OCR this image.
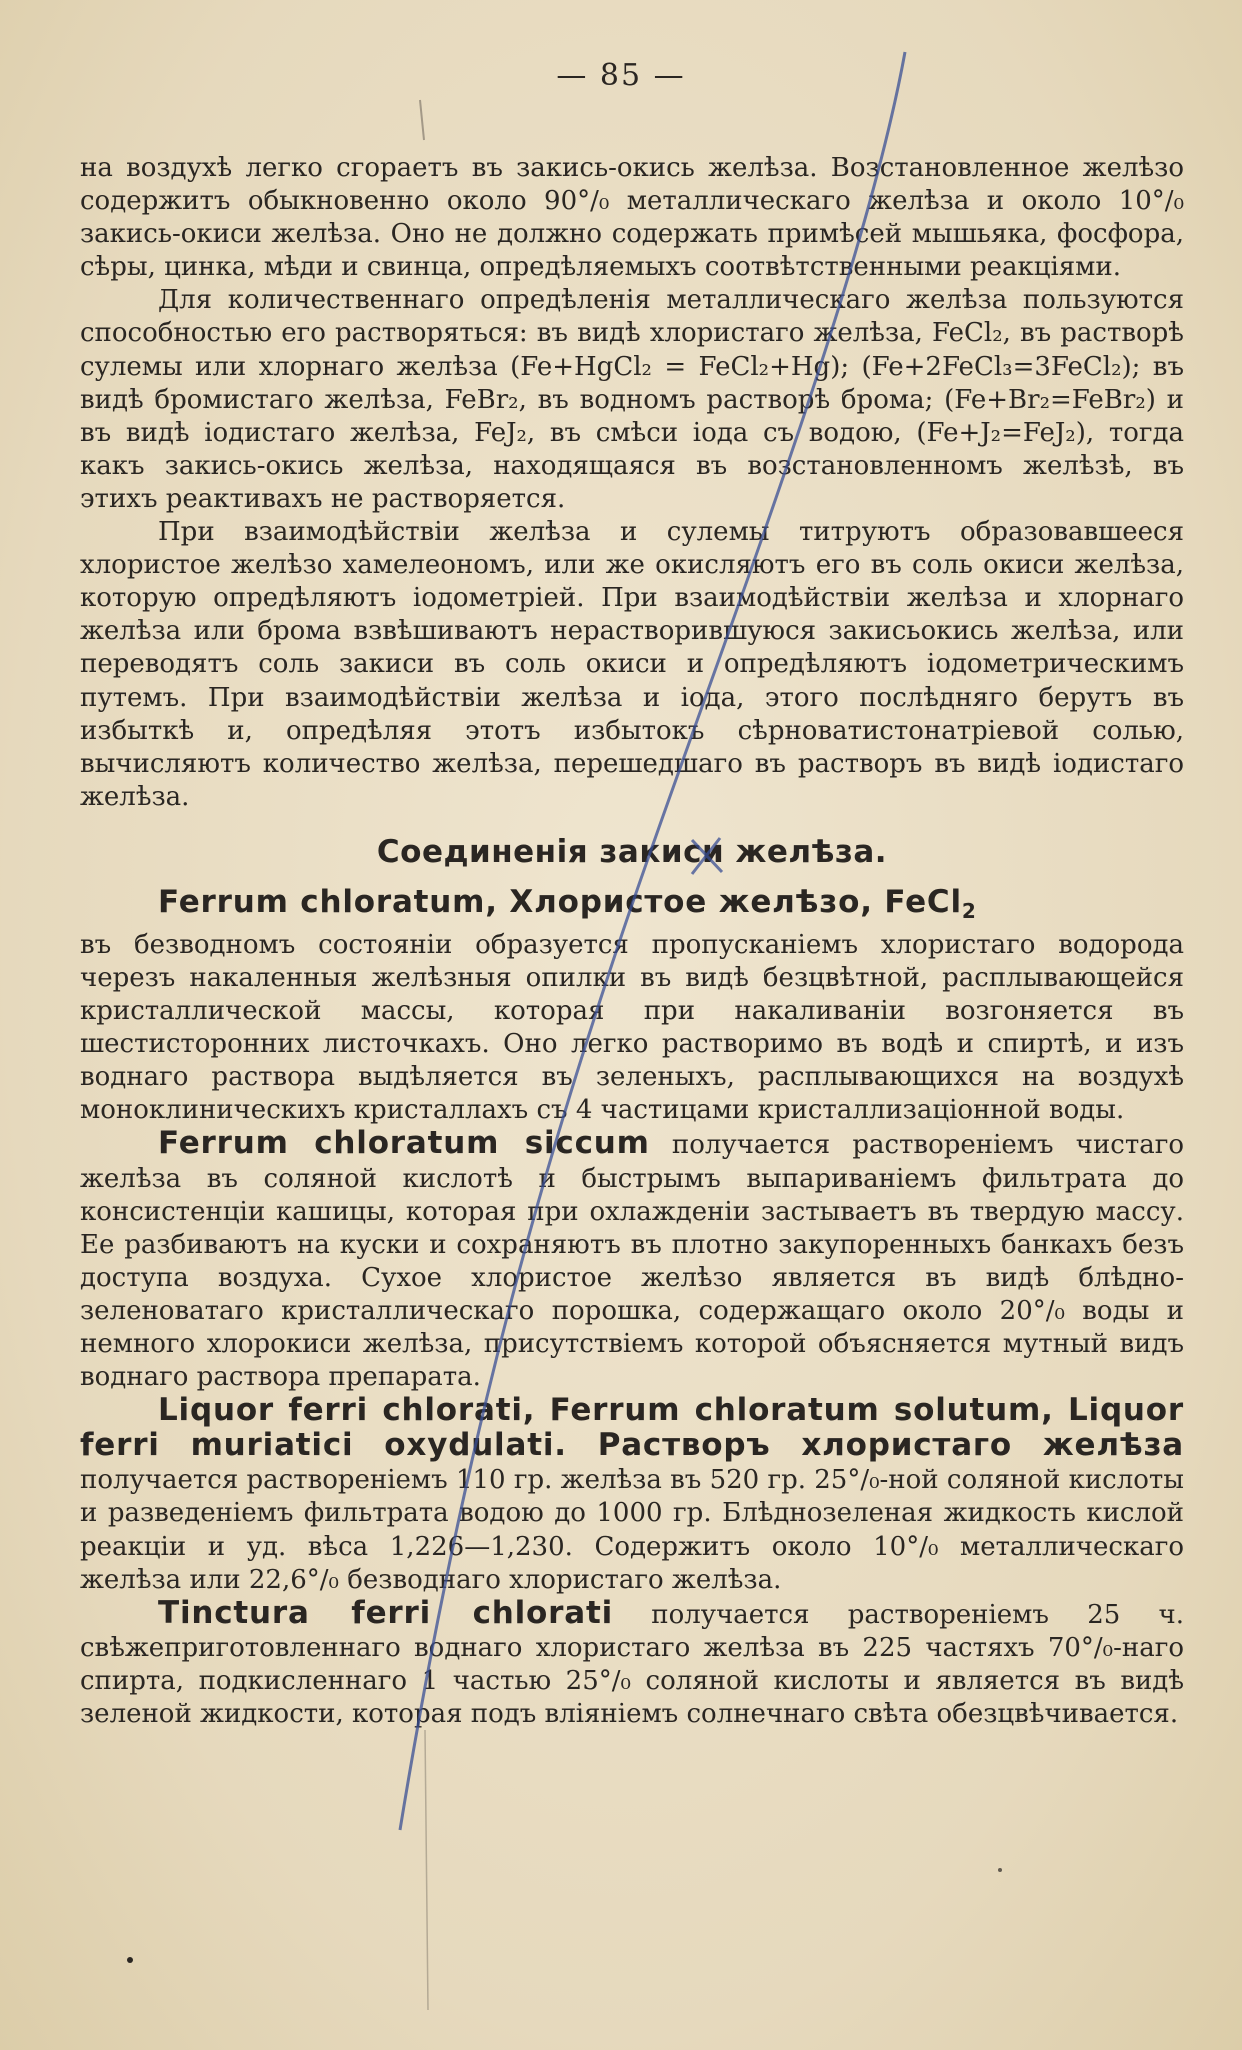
— 85 —

на воздухѣ легко сгораетъ въ закись-окись желѣза. Возстановленное желѣзо содержитъ обыкновенно около 90°/₀ металлическаго желѣза и около 10°/₀ закись-окиси желѣза. Оно не должно содержать примѣсей мышьяка, фосфора, сѣры, цинка, мѣди и свинца, опредѣляемыхъ соотвѣтственными реакціями.

Для количественнаго опредѣленія металлическаго желѣза пользуются способностью его растворяться: въ видѣ хлористаго желѣза, FeCl₂, въ растворѣ сулемы или хлорнаго желѣза (Fe+HgCl₂ = FeCl₂+Hg); (Fe+2FeCl₃=3FeCl₂); въ видѣ бромистаго желѣза, FeBr₂, въ водномъ растворѣ брома; (Fe+Br₂=FeBr₂) и въ видѣ іодистаго желѣза, FeJ₂, въ смѣси іода съ водою, (Fe+J₂=FeJ₂), тогда какъ закись-окись желѣза, находящаяся въ возстановленномъ желѣзѣ, въ этихъ реактивахъ не растворяется.

При взаимодѣйствіи желѣза и сулемы титруютъ образовавшееся хлористое желѣзо хамелеономъ, или же окисляютъ его въ соль окиси желѣза, которую опредѣляютъ іодометріей. При взаимодѣйствіи желѣза и хлорнаго желѣза или брома взвѣшиваютъ нерастворившуюся закисьокись желѣза, или переводятъ соль закиси въ соль окиси и опредѣляютъ іодометрическимъ путемъ. При взаимодѣйствіи желѣза и іода, этого послѣдняго берутъ въ избыткѣ и, опредѣляя этотъ избытокъ сѣрноватистонатріевой солью, вычисляютъ количество желѣза, перешедшаго въ растворъ въ видѣ іодистаго желѣза.

Соединенія закиси желѣза.
Ferrum chloratum, Хлористое желѣзо, FeCl$_2$

въ безводномъ состояніи образуется пропусканіемъ хлористаго водорода черезъ накаленныя желѣзныя опилки въ видѣ безцвѣтной, расплывающейся кристаллической массы, которая при накаливаніи возгоняется въ шестисторонних листочкахъ. Оно легко растворимо въ водѣ и спиртѣ, и изъ воднаго раствора выдѣляется въ зеленыхъ, расплывающихся на воздухѣ моноклиническихъ кристаллахъ съ 4 частицами кристаллизаціонной воды.

Ferrum chloratum siccum получается растворенiемъ чистаго желѣза въ соляной кислотѣ и быстрымъ выпариваніемъ фильтрата до консистенціи кашицы, которая при охлажденіи застываетъ въ твердую массу. Ее разбиваютъ на куски и сохраняютъ въ плотно закупоренныхъ банкахъ безъ доступа воздуха. Сухое хлористое желѣзо является въ видѣ блѣднозеленоватаго кристаллическаго порошка, содержащаго около 20°/₀ воды и немного хлорокиси желѣза, присутствіемъ которой объясняется мутный видъ воднаго раствора препарата.

Liquor ferri chlorati, Ferrum chloratum solutum, Liquor ferri muriatici oxydulati. Растворъ хлористаго желѣза получается растворенiемъ 110 гр. желѣза въ 520 гр. 25°/₀-ной соляной кислоты и разведенiемъ фильтрата водою до 1000 гр. Блѣднозеленая жидкость кислой реакціи и уд. вѣса 1,226—1,230. Содержитъ около 10°/₀ металлическаго желѣза или 22,6°/₀ безводнаго хлористаго желѣза.

Tinctura ferri chlorati получается растворенiемъ 25 ч. свѣжеприготовленнаго воднаго хлористаго желѣза въ 225 частяхъ 70°/₀-наго спирта, подкисленнаго 1 частью 25°/₀ соляной кислоты и является въ видѣ зеленой жидкости, которая подъ вліяніемъ солнечнаго свѣта обезцвѣчивается.
